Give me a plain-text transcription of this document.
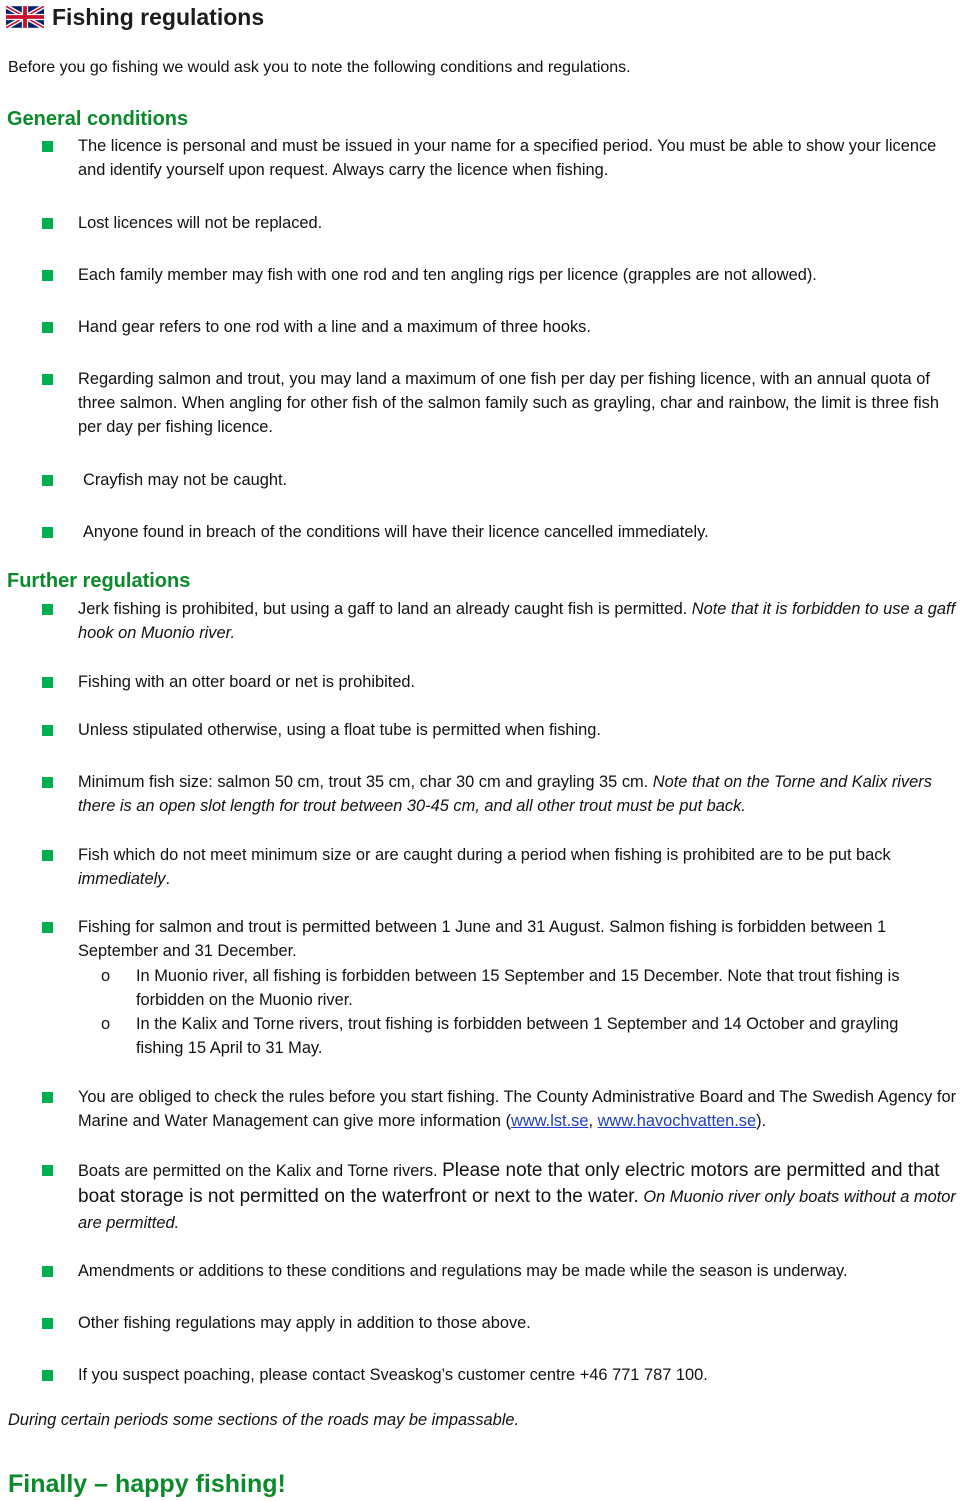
Fishing regulations
Before you go fishing we would ask you to note the following conditions and regulations.
General conditions
The licence is personal and must be issued in your name for a specified period. You must be able to show your licence and identify yourself upon request. Always carry the licence when fishing.
Lost licences will not be replaced.
Each family member may fish with one rod and ten angling rigs per licence (grapples are not allowed).
Hand gear refers to one rod with a line and a maximum of three hooks.
Regarding salmon and trout, you may land a maximum of one fish per day per fishing licence, with an annual quota of three salmon. When angling for other fish of the salmon family such as grayling, char and rainbow, the limit is three fish per day per fishing licence.
Crayfish may not be caught.
Anyone found in breach of the conditions will have their licence cancelled immediately.
Further regulations
Jerk fishing is prohibited, but using a gaff to land an already caught fish is permitted. Note that it is forbidden to use a gaff hook on Muonio river.
Fishing with an otter board or net is prohibited.
Unless stipulated otherwise, using a float tube is permitted when fishing.
Minimum fish size: salmon 50 cm, trout 35 cm, char 30 cm and grayling 35 cm. Note that on the Torne and Kalix rivers there is an open slot length for trout between 30-45 cm, and all other trout must be put back.
Fish which do not meet minimum size or are caught during a period when fishing is prohibited are to be put back immediately.
Fishing for salmon and trout is permitted between 1 June and 31 August. Salmon fishing is forbidden between 1 September and 31 December.
o In Muonio river, all fishing is forbidden between 15 September and 15 December. Note that trout fishing is forbidden on the Muonio river.
o In the Kalix and Torne rivers, trout fishing is forbidden between 1 September and 14 October and grayling fishing 15 April to 31 May.
You are obliged to check the rules before you start fishing. The County Administrative Board and The Swedish Agency for Marine and Water Management can give more information (www.lst.se, www.havochvatten.se).
Boats are permitted on the Kalix and Torne rivers. Please note that only electric motors are permitted and that boat storage is not permitted on the waterfront or next to the water. On Muonio river only boats without a motor are permitted.
Amendments or additions to these conditions and regulations may be made while the season is underway.
Other fishing regulations may apply in addition to those above.
If you suspect poaching, please contact Sveaskog’s customer centre +46 771 787 100.
During certain periods some sections of the roads may be impassable.
Finally – happy fishing!
